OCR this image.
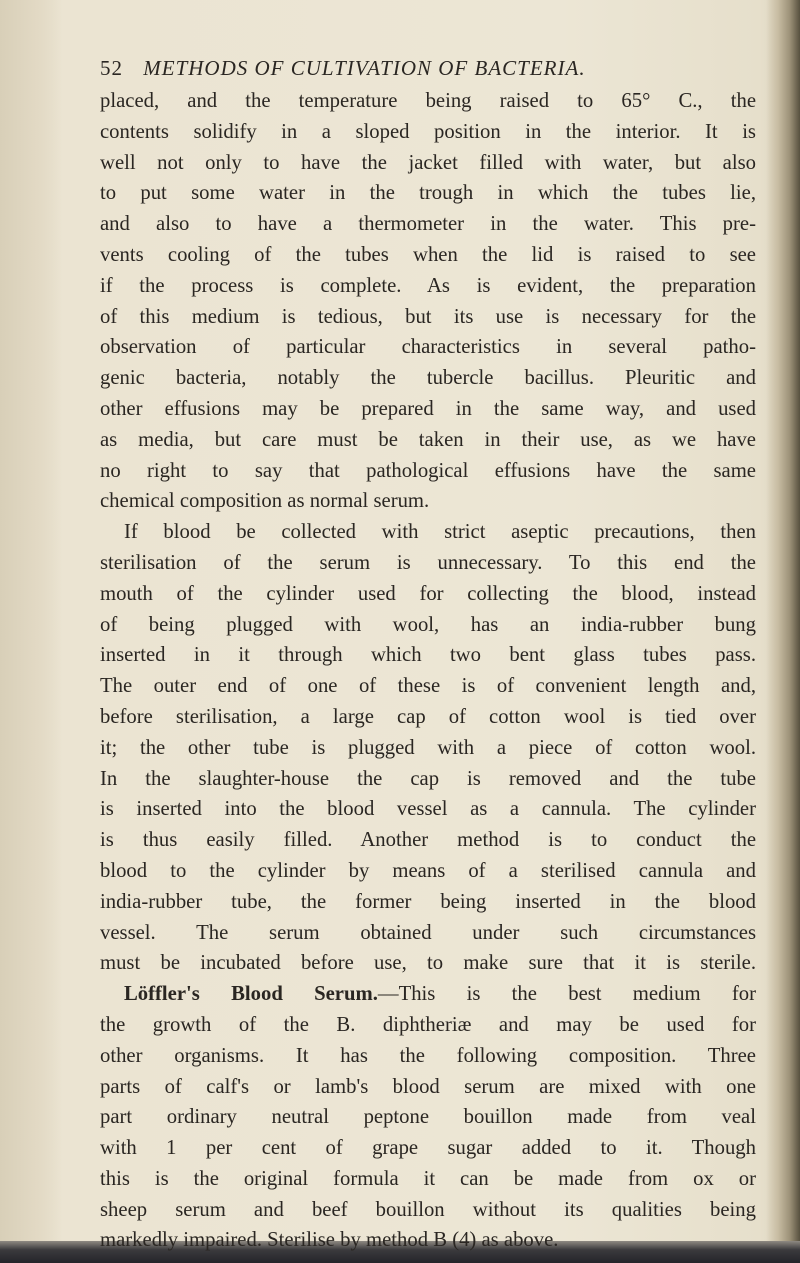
52 METHODS OF CULTIVATION OF BACTERIA.
placed, and the temperature being raised to 65° C., the
contents solidify in a sloped position in the interior. It is
well not only to have the jacket filled with water, but also
to put some water in the trough in which the tubes lie,
and also to have a thermometer in the water. This pre-
vents cooling of the tubes when the lid is raised to see
if the process is complete. As is evident, the preparation
of this medium is tedious, but its use is necessary for the
observation of particular characteristics in several patho-
genic bacteria, notably the tubercle bacillus. Pleuritic and
other effusions may be prepared in the same way, and used
as media, but care must be taken in their use, as we have
no right to say that pathological effusions have the same
chemical composition as normal serum.
If blood be collected with strict aseptic precautions, then
sterilisation of the serum is unnecessary. To this end the
mouth of the cylinder used for collecting the blood, instead
of being plugged with wool, has an india-rubber bung
inserted in it through which two bent glass tubes pass.
The outer end of one of these is of convenient length and,
before sterilisation, a large cap of cotton wool is tied over
it; the other tube is plugged with a piece of cotton wool.
In the slaughter-house the cap is removed and the tube
is inserted into the blood vessel as a cannula. The cylinder
is thus easily filled. Another method is to conduct the
blood to the cylinder by means of a sterilised cannula and
india-rubber tube, the former being inserted in the blood
vessel. The serum obtained under such circumstances
must be incubated before use, to make sure that it is sterile.
Löffler's Blood Serum.—This is the best medium for
the growth of the B. diphtheriæ and may be used for
other organisms. It has the following composition. Three
parts of calf's or lamb's blood serum are mixed with one
part ordinary neutral peptone bouillon made from veal
with 1 per cent of grape sugar added to it. Though
this is the original formula it can be made from ox or
sheep serum and beef bouillon without its qualities being
markedly impaired. Sterilise by method B (4) as above.
